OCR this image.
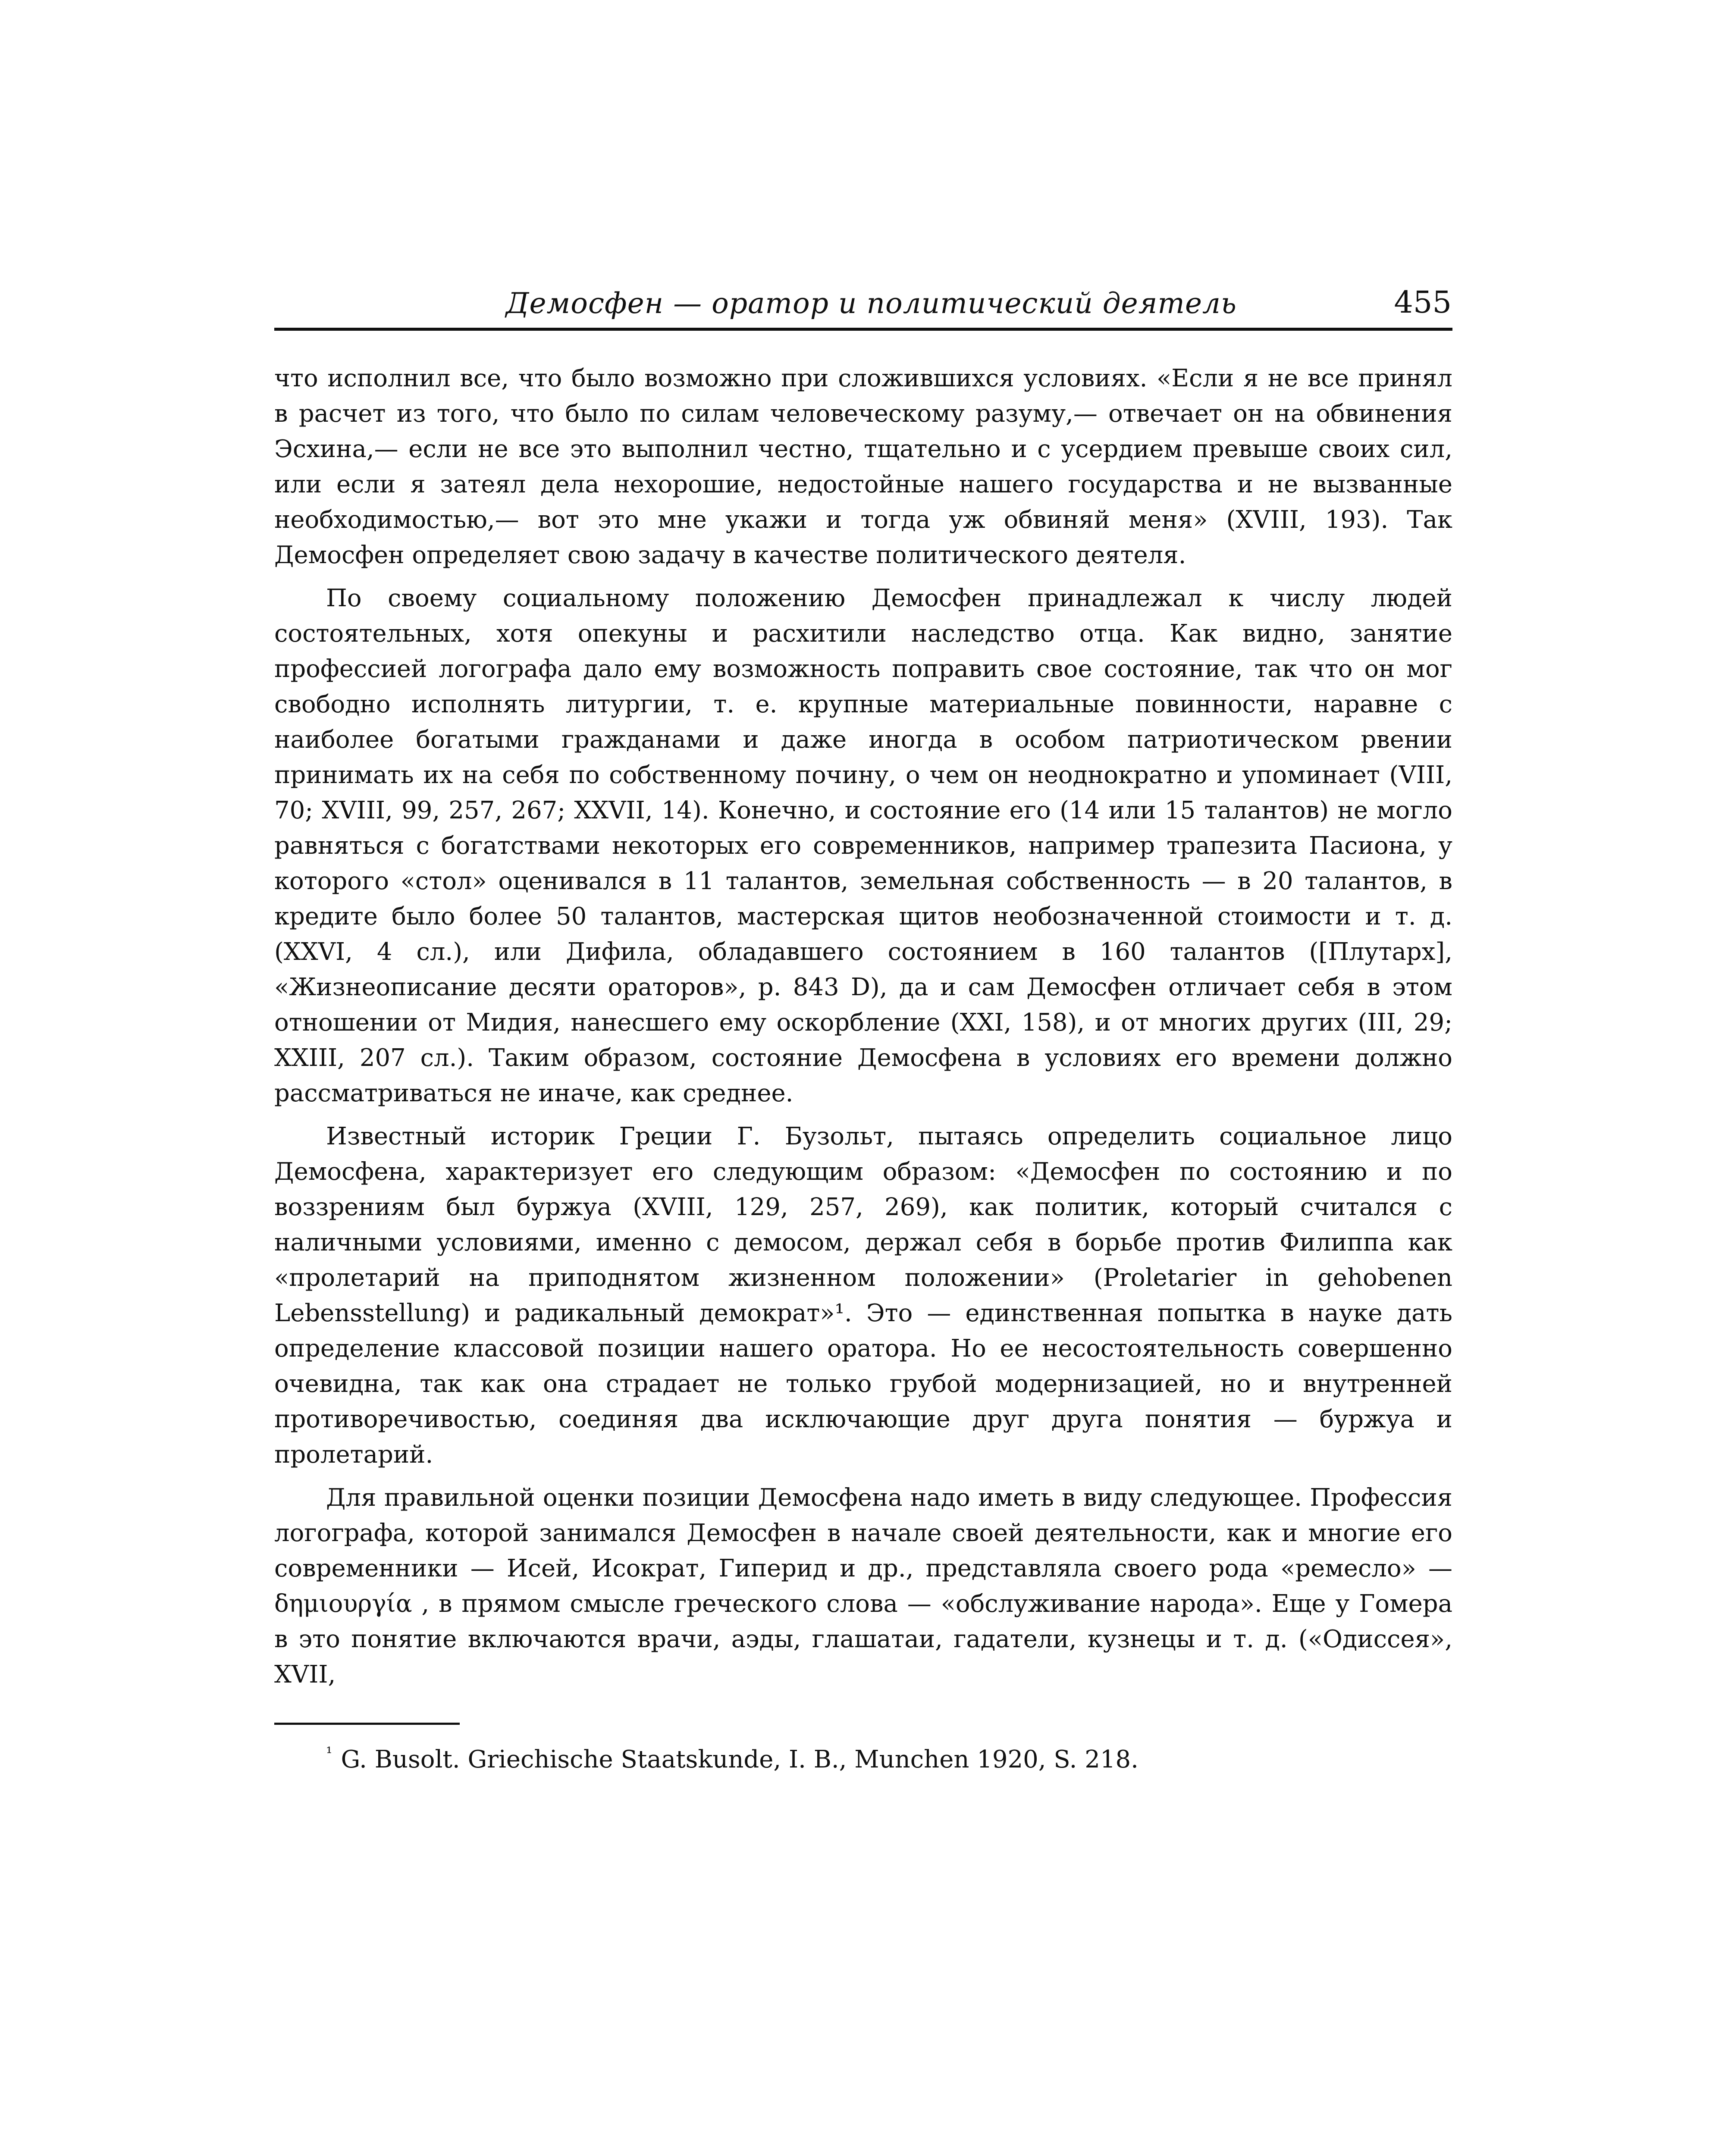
Демосфен — оратор и политический деятель	455

что исполнил все, что было возможно при сложившихся условиях. «Если я не все принял в расчет из того, что было по силам человеческому разуму,— отвечает он на обвинения Эсхина,— если не все это выполнил честно, тщательно и с усердием превыше своих сил, или если я затеял дела нехорошие, недостойные нашего государства и не вызванные необходимостью,— вот это мне укажи и тогда уж обвиняй меня» (XVIII, 193). Так Демосфен определяет свою задачу в качестве политического деятеля.

По своему социальному положению Демосфен принадлежал к числу людей состоятельных, хотя опекуны и расхитили наследство отца. Как видно, занятие профессией логографа дало ему возможность поправить свое состояние, так что он мог свободно исполнять литургии, т. е. крупные материальные повинности, наравне с наиболее богатыми гражданами и даже иногда в особом патриотическом рвении принимать их на себя по собственному почину, о чем он неоднократно и упоминает (VIII, 70; XVIII, 99, 257, 267; XXVII, 14). Конечно, и состояние его (14 или 15 талантов) не могло равняться с богатствами некоторых его современников, например трапезита Пасиона, у которого «стол» оценивался в 11 талантов, земельная собственность — в 20 талантов, в кредите было более 50 талантов, мастерская щитов необозначенной стоимости и т. д. (XXVI, 4 сл.), или Дифила, обладавшего состоянием в 160 талантов ([Плутарх], «Жизнеописание десяти ораторов», p. 843 D), да и сам Демосфен отличает себя в этом отношении от Мидия, нанесшего ему оскорбление (XXI, 158), и от многих других (III, 29; XXIII, 207 сл.). Таким образом, состояние Демосфена в условиях его времени должно рассматриваться не иначе, как среднее.

Известный историк Греции Г. Бузольт, пытаясь определить социальное лицо Демосфена, характеризует его следующим образом: «Демосфен по состоянию и по воззрениям был буржуа (XVIII, 129, 257, 269), как политик, который считался с наличными условиями, именно с демосом, держал себя в борьбе против Филиппа как «пролетарий на приподнятом жизненном положении» (Proletarier in gehobenen Lebensstellung) и радикальный демократ»¹. Это — единственная попытка в науке дать определение классовой позиции нашего оратора. Но ее несостоятельность совершенно очевидна, так как она страдает не только грубой модернизацией, но и внутренней противоречивостью, соединяя два исключающие друг друга понятия — буржуа и пролетарий.

Для правильной оценки позиции Демосфена надо иметь в виду следующее. Профессия логографа, которой занимался Демосфен в начале своей деятельности, как и многие его современники — Исей, Исократ, Гиперид и др., представляла своего рода «ремесло» — δημιουργία , в прямом смысле греческого слова — «обслуживание народа». Еще у Гомера в это понятие включаются врачи, аэды, глашатаи, гадатели, кузнецы и т. д. («Одиссея», XVII,

$^{^1}$ G. Busolt. Griechische Staatskunde, I. B., Munchen 1920, S. 218.
